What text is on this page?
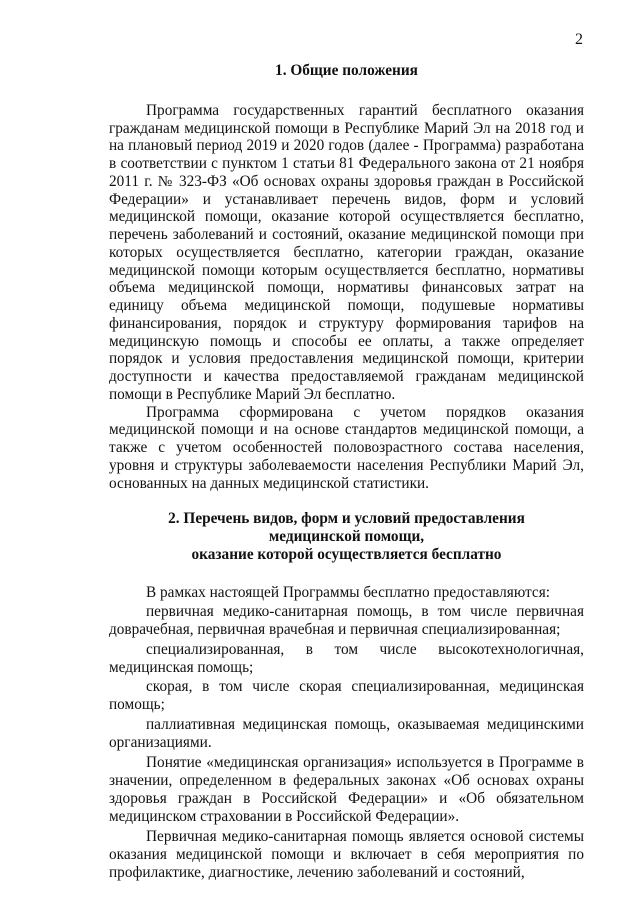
2
1. Общие положения

Программа государственных гарантий бесплатного оказания гражданам медицинской помощи в Республике Марий Эл на 2018 год и на плановый период 2019 и 2020 годов (далее - Программа) разработана в соответствии с пунктом 1 статьи 81 Федерального закона от 21 ноября 2011 г. № 323-ФЗ «Об основах охраны здоровья граждан в Российской Федерации» и устанавливает перечень видов, форм и условий медицинской помощи, оказание которой осуществляется бесплатно, перечень заболеваний и состояний, оказание медицинской помощи при которых осуществляется бесплатно, категории граждан, оказание медицинской помощи которым осуществляется бесплатно, нормативы объема медицинской помощи, нормативы финансовых затрат на единицу объема медицинской помощи, подушевые нормативы финансирования, порядок и структуру формирования тарифов на медицинскую помощь и способы ее оплаты, а также определяет порядок и условия предоставления медицинской помощи, критерии доступности и качества предоставляемой гражданам медицинской помощи в Республике Марий Эл бесплатно.

Программа сформирована с учетом порядков оказания медицинской помощи и на основе стандартов медицинской помощи, а также с учетом особенностей половозрастного состава населения, уровня и структуры заболеваемости населения Республики Марий Эл, основанных на данных медицинской статистики.

2. Перечень видов, форм и условий предоставления
медицинской помощи,
оказание которой осуществляется бесплатно

В рамках настоящей Программы бесплатно предоставляются:

первичная медико-санитарная помощь, в том числе первичная доврачебная, первичная врачебная и первичная специализированная;

специализированная, в том числе высокотехнологичная, медицинская помощь;

скорая, в том числе скорая специализированная, медицинская помощь;

паллиативная медицинская помощь, оказываемая медицинскими организациями.

Понятие «медицинская организация» используется в Программе в значении, определенном в федеральных законах «Об основах охраны здоровья граждан в Российской Федерации» и «Об обязательном медицинском страховании в Российской Федерации».

Первичная медико-санитарная помощь является основой системы оказания медицинской помощи и включает в себя мероприятия по профилактике, диагностике, лечению заболеваний и состояний,
